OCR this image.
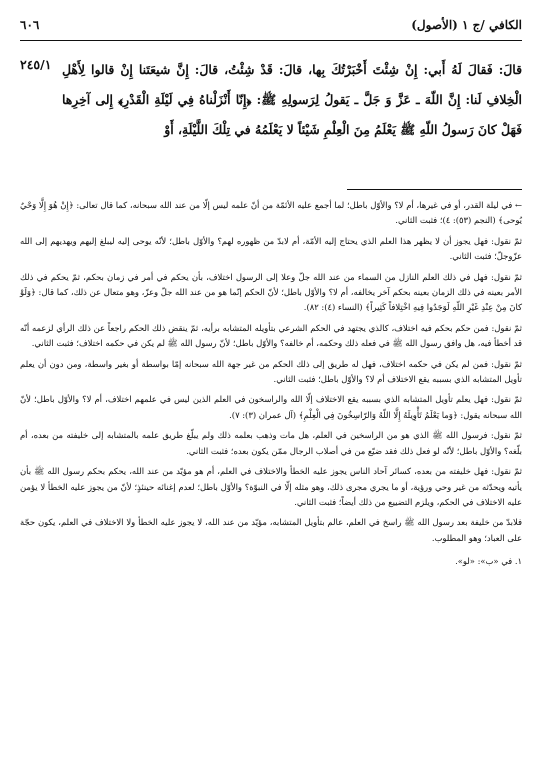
الكافي /ج ١ (الأصول)
٦٠٦
قالَ: فَقالَ لَهُ أَبي: إِنْ شِئْتَ أَخْبَرْتُكَ بِها، قالَ: قَدْ شِئْتُ، قالَ: إِنَّ شيعَتَنا إِنْ قالوا لِأَهْلِ الْخِلافِ لَنا: إِنَّ اللّهَ ـ عَزَّ وَ جَلَّ ـ يَقولُ لِرَسولِهِ ﷺ: ﴿إِنّا أَنْزَلْناهُ فِي لَيْلَةِ الْقَدْرِ﴾ إِلى آخِرِها فَهَلْ كانَ رَسولُ اللّهِ ﷺ يَعْلَمُ مِنَ الْعِلْمِ شَيْئاً لا يَعْلَمُهُ في تِلْكَ اللَّيْلَةِ، أَوْ
٢٤٥/١

← في ليلة القدر، أو في غيرها، أم لا؟ والأوّل باطل؛ لما أجمع عليه الأئمّة من أنّ علمه ليس إلّا من عند الله سبحانه، كما قال تعالى: ﴿إِنْ هُوَ إِلَّا وَحْيٌ يُوحى﴾ (النجم (٥٣): ٤)؛ فثبت الثاني.

ثمّ نقول: فهل يجوز أن لا يظهر هذا العلم الذي يحتاج إليه الأمّة، أم لابدّ من ظهوره لهم؟ والأوّل باطل؛ لأنّه يوحى إليه ليبلغ إليهم ويهديهم إلى الله عزّوجلّ؛ فثبت الثاني.

ثمّ نقول: فهل في ذلك العلم النازل من السماء من عند الله جلّ وعلا إلى الرسول اختلاف، بأن يحكم في أمر في زمان بحكم، ثمّ يحكم في ذلك الأمر بعينه في ذلك الزمان بعينه بحكم آخر يخالفه، أم لا؟ والأوّل باطل؛ لأنّ الحكم إنّما هو من عند الله جلّ وعزّ، وهو متعال عن ذلك، كما قال: ﴿وَلَوْ كانَ مِنْ عِنْدِ غَيْرِ اللّهِ لَوَجَدُوا فِيهِ اخْتِلافاً كَثِيراً﴾ (النساء (٤): ٨٢).

ثمّ نقول: فمن حكم بحكم فيه اختلاف، كالذي يجتهد في الحكم الشرعي بتأويله المتشابه برأيه، ثمّ ينقض ذلك الحكم راجعاً عن ذلك الرأي لزعمه أنّه قد أخطأ فيه، هل وافق رسول الله ﷺ في فعله ذلك وحكمه، أم خالفه؟ والأوّل باطل؛ لأنّ رسول الله ﷺ لم يكن في حكمه اختلاف؛ فثبت الثاني.

ثمّ نقول: فمن لم يكن في حكمه اختلاف، فهل له طريق إلى ذلك الحكم من غير جهة الله سبحانه إمّا بواسطة أو بغير واسطة، ومن دون أن يعلم تأويل المتشابه الذي بسببه يقع الاختلاف أم لا؟ والأوّل باطل؛ فثبت الثاني.

ثمّ نقول: فهل يعلم تأويل المتشابه الذي بسببه يقع الاختلاف إلّا الله والراسخون في العلم الذين ليس في علمهم اختلاف، أم لا؟ والأوّل باطل؛ لأنّ الله سبحانه يقول: ﴿وَما يَعْلَمُ تَأْوِيلَهُ إِلَّا اللّهُ وَالرّاسِخُونَ فِي الْعِلْمِ﴾ (آل عمران (٣): ٧).

ثمّ نقول: فرسول الله ﷺ الذي هو من الراسخين في العلم، هل مات وذهب بعلمه ذلك ولم يبلّغ طريق علمه بالمتشابه إلى خليفته من بعده، أم بلّغه؟ والأوّل باطل؛ لأنّه لو فعل ذلك فقد ضيّع من في أصلاب الرجال ممّن يكون بعده؛ فثبت الثاني.

ثمّ نقول: فهل خليفته من بعده، كسائر آحاد الناس يجوز عليه الخطأ والاختلاف في العلم، أم هو مؤيّد من عند الله، يحكم بحكم رسول الله ﷺ بأن يأتيه ويحدّثه من غير وحي ورؤية، أو ما يجري مجرى ذلك، وهو مثله إلّا في النبوّة؟ والأوّل باطل؛ لعدم إغنائه حينئذٍ؛ لأنّ من يجوز عليه الخطأ لا يؤمن عليه الاختلاف في الحكم، ويلزم التضييع من ذلك أيضاً؛ فثبت الثاني.

فلابدّ من خليفة بعد رسول الله ﷺ راسخ في العلم، عالم بتأويل المتشابه، مؤيّد من عند الله، لا يجوز عليه الخطأ ولا الاختلاف في العلم، يكون حجّة على العباد؛ وهو المطلوب.

١. في «ب»: «لو».
